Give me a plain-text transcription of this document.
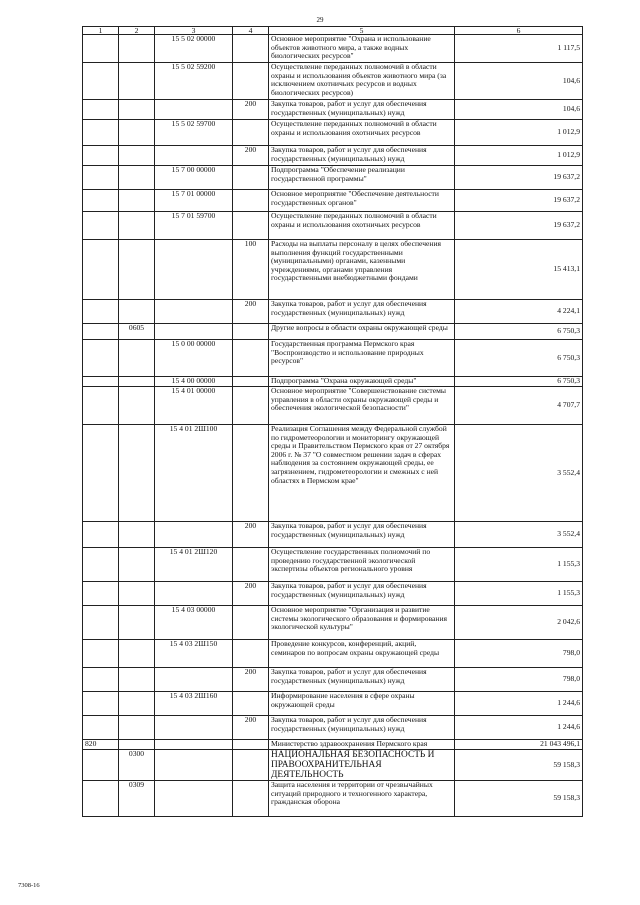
29
1	2	3	4	5	6
		15 5 02 00000		Основное мероприятие "Охрана и использование объектов животного мира, а также водных биологических ресурсов"	1 117,5
		15 5 02 59200		Осуществление переданных полномочий в области охраны и использования объектов животного мира (за исключением охотничьих ресурсов и водных биологических ресурсов)	104,6
			200	Закупка товаров, работ и услуг для обеспечения государственных (муниципальных) нужд	104,6
		15 5 02 59700		Осуществление переданных полномочий в области охраны и использования охотничьих ресурсов	1 012,9
			200	Закупка товаров, работ и услуг для обеспечения государственных (муниципальных) нужд	1 012,9
		15 7 00 00000		Подпрограмма "Обеспечение реализации государственной программы"	19 637,2
		15 7 01 00000		Основное мероприятие "Обеспечение деятельности государственных органов"	19 637,2
		15 7 01 59700		Осуществление переданных полномочий в области охраны и использования охотничьих ресурсов	19 637,2
			100	Расходы на выплаты персоналу в целях обеспечения выполнения функций государственными (муниципальными) органами, казенными учреждениями, органами управления государственными внебюджетными фондами	15 413,1
			200	Закупка товаров, работ и услуг для обеспечения государственных (муниципальных) нужд	4 224,1
	0605			Другие вопросы в области охраны окружающей среды	6 750,3
		15 0 00 00000		Государственная программа Пермского края "Воспроизводство и использование природных ресурсов"	6 750,3
		15 4 00 00000		Подпрограмма "Охрана окружающей среды"	6 750,3
		15 4 01 00000		Основное мероприятие "Совершенствование системы управления в области охраны окружающей среды и обеспечения экологической безопасности"	4 707,7
		15 4 01 2Ш100		Реализация Соглашения между Федеральной службой по гидрометеорологии и мониторингу окружающей среды и Правительством Пермского края от 27 октября 2006 г. № 37 "О совместном решении задач в сферах наблюдения за состоянием окружающей среды, ее загрязнением, гидрометеорологии и смежных с ней областях в Пермском крае"	3 552,4
			200	Закупка товаров, работ и услуг для обеспечения государственных (муниципальных) нужд	3 552,4
		15 4 01 2Ш120		Осуществление государственных полномочий по проведению государственной экологической экспертизы объектов регионального уровня	1 155,3
			200	Закупка товаров, работ и услуг для обеспечения государственных (муниципальных) нужд	1 155,3
		15 4 03 00000		Основное мероприятие "Организация и развитие системы экологического образования и формирования экологической культуры"	2 042,6
		15 4 03 2Ш150		Проведение конкурсов, конференций, акций, семинаров по вопросам охраны окружающей среды	798,0
			200	Закупка товаров, работ и услуг для обеспечения государственных (муниципальных) нужд	798,0
		15 4 03 2Ш160		Информирование населения в сфере охраны окружающей среды	1 244,6
			200	Закупка товаров, работ и услуг для обеспечения государственных (муниципальных) нужд	1 244,6
820				Министерство здравоохранения Пермского края	21 043 496,1
	0300			НАЦИОНАЛЬНАЯ БЕЗОПАСНОСТЬ И ПРАВООХРАНИТЕЛЬНАЯ ДЕЯТЕЛЬНОСТЬ	59 158,3
	0309			Защита населения и территории от чрезвычайных ситуаций природного и техногенного характера, гражданская оборона	59 158,3
7308-16
